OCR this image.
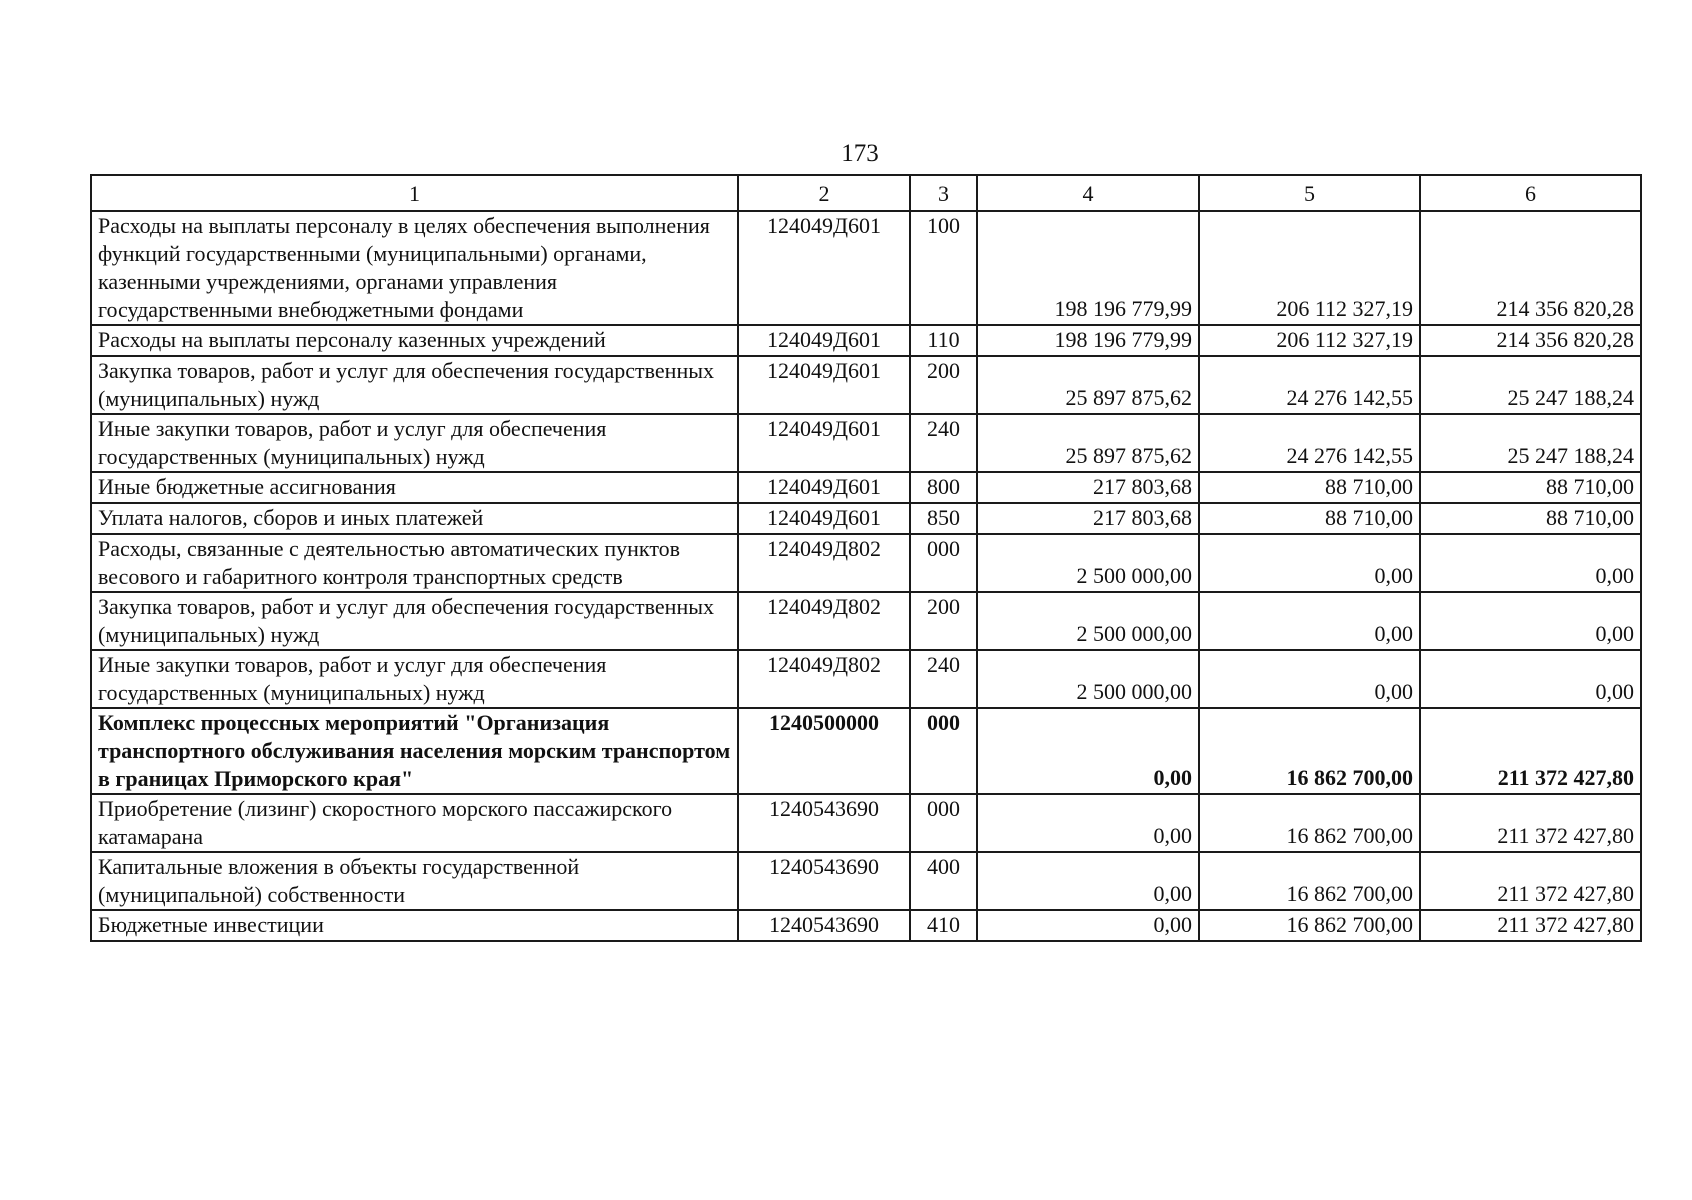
173
1	2	3	4	5	6
Расходы на выплаты персоналу в целях обеспечения выполнения функций государственными (муниципальными) органами, казенными учреждениями, органами управления государственными внебюджетными фондами	124049Д601	100	198 196 779,99	206 112 327,19	214 356 820,28
Расходы на выплаты персоналу казенных учреждений	124049Д601	110	198 196 779,99	206 112 327,19	214 356 820,28
Закупка товаров, работ и услуг для обеспечения государственных (муниципальных) нужд	124049Д601	200	25 897 875,62	24 276 142,55	25 247 188,24
Иные закупки товаров, работ и услуг для обеспечения государственных (муниципальных) нужд	124049Д601	240	25 897 875,62	24 276 142,55	25 247 188,24
Иные бюджетные ассигнования	124049Д601	800	217 803,68	88 710,00	88 710,00
Уплата налогов, сборов и иных платежей	124049Д601	850	217 803,68	88 710,00	88 710,00
Расходы, связанные с деятельностью автоматических пунктов весового и габаритного контроля транспортных средств	124049Д802	000	2 500 000,00	0,00	0,00
Закупка товаров, работ и услуг для обеспечения государственных (муниципальных) нужд	124049Д802	200	2 500 000,00	0,00	0,00
Иные закупки товаров, работ и услуг для обеспечения государственных (муниципальных) нужд	124049Д802	240	2 500 000,00	0,00	0,00
Комплекс процессных мероприятий "Организация транспортного обслуживания населения морским транспортом в границах Приморского края"	1240500000	000	0,00	16 862 700,00	211 372 427,80
Приобретение (лизинг) скоростного морского пассажирского катамарана	1240543690	000	0,00	16 862 700,00	211 372 427,80
Капитальные вложения в объекты государственной (муниципальной) собственности	1240543690	400	0,00	16 862 700,00	211 372 427,80
Бюджетные инвестиции	1240543690	410	0,00	16 862 700,00	211 372 427,80
